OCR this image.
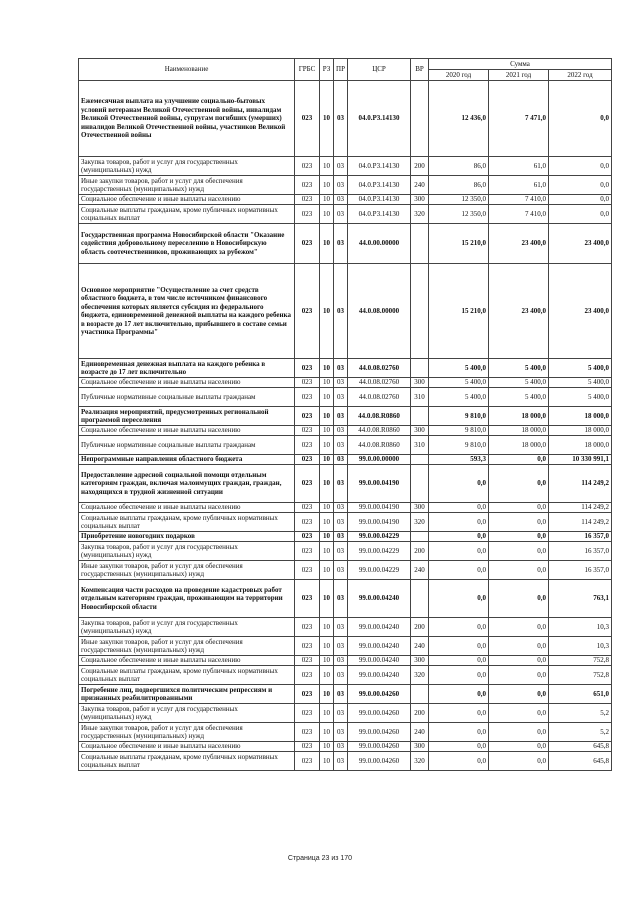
Наименование	ГРБС	РЗ	ПР	ЦСР	ВР	Сумма		
						2020 год	2021 год	2022 год
Ежемесячная выплата на улучшение социально-бытовых условий ветеранам Великой Отечественной войны, инвалидам Великой Отечественной войны, супругам погибших (умерших) инвалидов Великой Отечественной войны, участников Великой Отечественной войны	023	10	03	04.0.Р3.14130		12 436,0	7 471,0	0,0
Закупка товаров, работ и услуг для государственных (муниципальных) нужд	023	10	03	04.0.Р3.14130	200	86,0	61,0	0,0
Иные закупки товаров, работ и услуг для обеспечения государственных (муниципальных) нужд	023	10	03	04.0.Р3.14130	240	86,0	61,0	0,0
Социальное обеспечение и иные выплаты населению	023	10	03	04.0.Р3.14130	300	12 350,0	7 410,0	0,0
Социальные выплаты гражданам, кроме публичных нормативных социальных выплат	023	10	03	04.0.Р3.14130	320	12 350,0	7 410,0	0,0
Государственная программа Новосибирской области "Оказание содействия добровольному переселению в Новосибирскую область соотечественников, проживающих за рубежом"	023	10	03	44.0.00.00000		15 210,0	23 400,0	23 400,0
Основное мероприятие "Осуществление за счет средств областного бюджета, в том числе источником финансового обеспечения которых является субсидия из федерального бюджета, единовременной денежной выплаты на каждого ребенка в возрасте до 17 лет включительно, прибывшего в составе семьи участника Программы"	023	10	03	44.0.08.00000		15 210,0	23 400,0	23 400,0
Единовременная денежная выплата на каждого ребенка в возрасте до 17 лет включительно	023	10	03	44.0.08.02760		5 400,0	5 400,0	5 400,0
Социальное обеспечение и иные выплаты населению	023	10	03	44.0.08.02760	300	5 400,0	5 400,0	5 400,0
Публичные нормативные социальные выплаты гражданам	023	10	03	44.0.08.02760	310	5 400,0	5 400,0	5 400,0
Реализация мероприятий, предусмотренных региональной программой переселения	023	10	03	44.0.08.R0860		9 810,0	18 000,0	18 000,0
Социальное обеспечение и иные выплаты населению	023	10	03	44.0.08.R0860	300	9 810,0	18 000,0	18 000,0
Публичные нормативные социальные выплаты гражданам	023	10	03	44.0.08.R0860	310	9 810,0	18 000,0	18 000,0
Непрограммные направления областного бюджета	023	10	03	99.0.00.00000		593,3	0,0	10 330 991,1
Предоставление адресной социальной помощи отдельным категориям граждан, включая малоимущих граждан, граждан, находящихся в трудной жизненной ситуации	023	10	03	99.0.00.04190		0,0	0,0	114 249,2
Социальное обеспечение и иные выплаты населению	023	10	03	99.0.00.04190	300	0,0	0,0	114 249,2
Социальные выплаты гражданам, кроме публичных нормативных социальных выплат	023	10	03	99.0.00.04190	320	0,0	0,0	114 249,2
Приобретение новогодних подарков	023	10	03	99.0.00.04229		0,0	0,0	16 357,0
Закупка товаров, работ и услуг для государственных (муниципальных) нужд	023	10	03	99.0.00.04229	200	0,0	0,0	16 357,0
Иные закупки товаров, работ и услуг для обеспечения государственных (муниципальных) нужд	023	10	03	99.0.00.04229	240	0,0	0,0	16 357,0
Компенсация части расходов на проведение кадастровых работ отдельным категориям граждан, проживающим на территории Новосибирской области	023	10	03	99.0.00.04240		0,0	0,0	763,1
Закупка товаров, работ и услуг для государственных (муниципальных) нужд	023	10	03	99.0.00.04240	200	0,0	0,0	10,3
Иные закупки товаров, работ и услуг для обеспечения государственных (муниципальных) нужд	023	10	03	99.0.00.04240	240	0,0	0,0	10,3
Социальное обеспечение и иные выплаты населению	023	10	03	99.0.00.04240	300	0,0	0,0	752,8
Социальные выплаты гражданам, кроме публичных нормативных социальных выплат	023	10	03	99.0.00.04240	320	0,0	0,0	752,8
Погребение лиц, подвергшихся политическим репрессиям и признанных реабилитированными	023	10	03	99.0.00.04260		0,0	0,0	651,0
Закупка товаров, работ и услуг для государственных (муниципальных) нужд	023	10	03	99.0.00.04260	200	0,0	0,0	5,2
Иные закупки товаров, работ и услуг для обеспечения государственных (муниципальных) нужд	023	10	03	99.0.00.04260	240	0,0	0,0	5,2
Социальное обеспечение и иные выплаты населению	023	10	03	99.0.00.04260	300	0,0	0,0	645,8
Социальные выплаты гражданам, кроме публичных нормативных социальных выплат	023	10	03	99.0.00.04260	320	0,0	0,0	645,8
Страница 23 из 170
